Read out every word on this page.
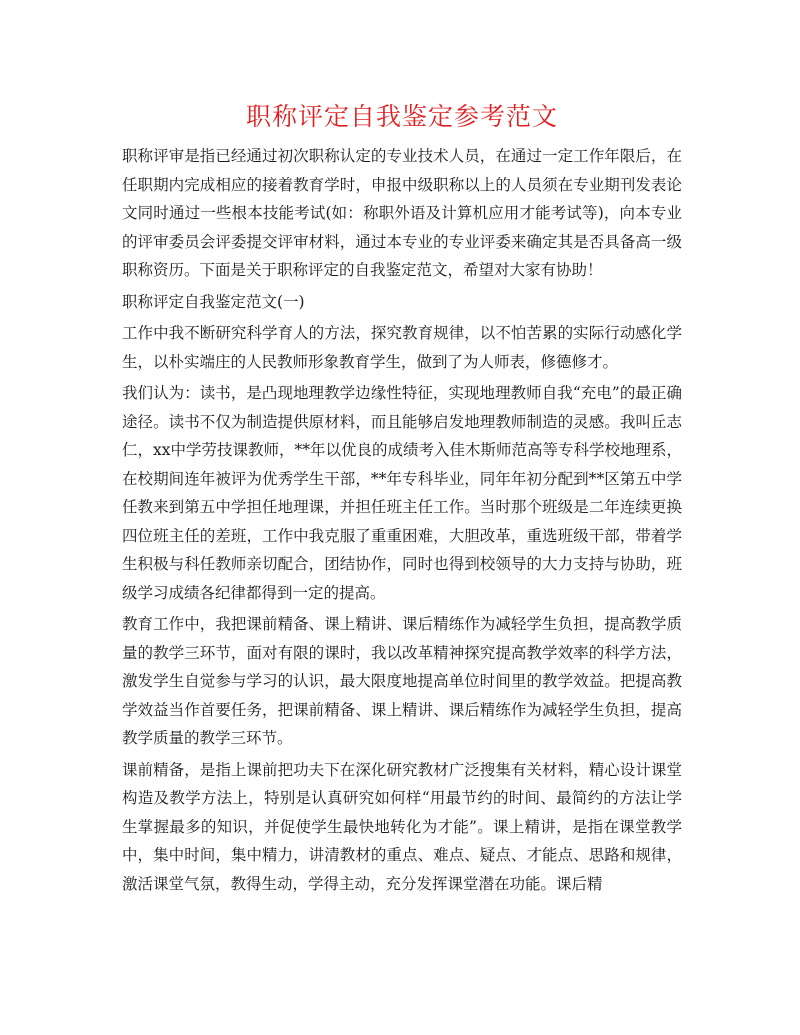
职称评定自我鉴定参考范文

职称评审是指已经通过初次职称认定的专业技术人员，在通过一定工作年限后，在任职期内完成相应的接着教育学时，申报中级职称以上的人员须在专业期刊发表论文同时通过一些根本技能考试(如：称职外语及计算机应用才能考试等)，向本专业的评审委员会评委提交评审材料，通过本专业的专业评委来确定其是否具备高一级职称资历。下面是关于职称评定的自我鉴定范文，希望对大家有协助！

职称评定自我鉴定范文(一)

工作中我不断研究科学育人的方法，探究教育规律，以不怕苦累的实际行动感化学生，以朴实端庄的人民教师形象教育学生，做到了为人师表，修德修才。

我们认为：读书，是凸现地理教学边缘性特征，实现地理教师自我“充电”的最正确途径。读书不仅为制造提供原材料，而且能够启发地理教师制造的灵感。我叫丘志仁，xx中学劳技课教师，**年以优良的成绩考入佳木斯师范高等专科学校地理系，在校期间连年被评为优秀学生干部，**年专科毕业，同年年初分配到**区第五中学任教来到第五中学担任地理课，并担任班主任工作。当时那个班级是二年连续更换四位班主任的差班，工作中我克服了重重困难，大胆改革，重选班级干部，带着学生积极与科任教师亲切配合，团结协作，同时也得到校领导的大力支持与协助，班级学习成绩各纪律都得到一定的提高。

教育工作中，我把课前精备、课上精讲、课后精练作为减轻学生负担，提高教学质量的教学三环节，面对有限的课时，我以改革精神探究提高教学效率的科学方法，激发学生自觉参与学习的认识，最大限度地提高单位时间里的教学效益。把提高教学效益当作首要任务，把课前精备、课上精讲、课后精练作为减轻学生负担，提高教学质量的教学三环节。

课前精备，是指上课前把功夫下在深化研究教材广泛搜集有关材料，精心设计课堂构造及教学方法上，特别是认真研究如何样“用最节约的时间、最简约的方法让学生掌握最多的知识，并促使学生最快地转化为才能”。课上精讲，是指在课堂教学中，集中时间，集中精力，讲清教材的重点、难点、疑点、才能点、思路和规律，激活课堂气氛，教得生动，学得主动，充分发挥课堂潜在功能。课后精
